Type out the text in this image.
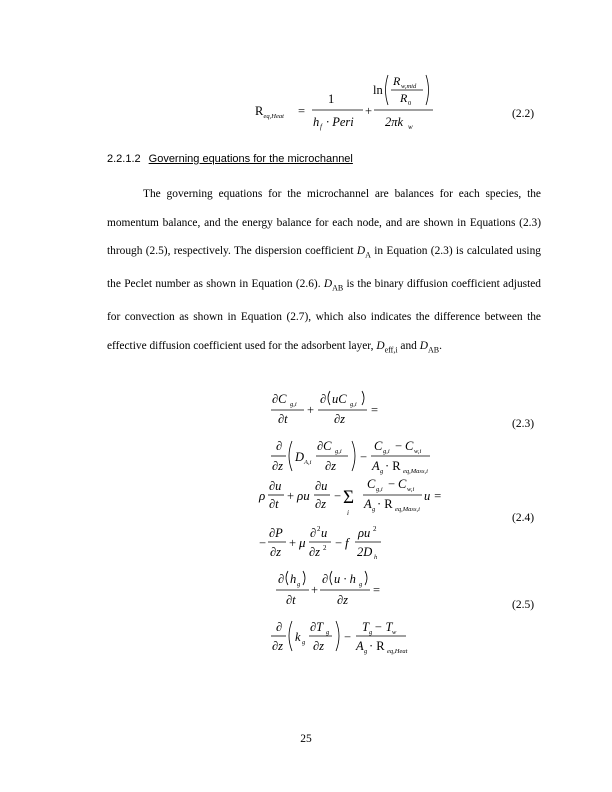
R eq,Heat =
1
h f · Peri
+
ln
R w,mid
R 0
2πk w
(2.2)
2.2.1.2 Governing equations for the microchannel

The governing equations for the microchannel are balances for each species, the momentum balance, and the energy balance for each node, and are shown in Equations (2.3) through (2.5), respectively. The dispersion coefficient $D_A$ in Equation (2.3) is calculated using the Peclet number as shown in Equation (2.6). $D_{AB}$ is the binary diffusion coefficient adjusted for convection as shown in Equation (2.7), which also indicates the difference between the effective diffusion coefficient used for the adsorbent layer, $D_{eff,i}$ and $D_{AB}$.

∂C g,i
∂t
+
∂ uC g,i
∂z
=
∂
∂z
D A,i
∂C g,i
∂z
−
C g,i − C w,i
A g · R eq,Mass,i
(2.3)
ρ
∂u
∂t
+ ρu
∂u
∂z
− Σ
i
C g,i − C w,i
A g · R eq,Mass,i
u =
−
∂P
∂z
+ μ
∂ 2 u
∂z 2 − f
ρu 2
2D h
(2.4)
∂ h g
∂t
+
∂ u · h g
∂z
=
∂
∂z
k g
∂T g
∂z
−
T g − T w
A g · R eq,Heat
(2.5)
25
